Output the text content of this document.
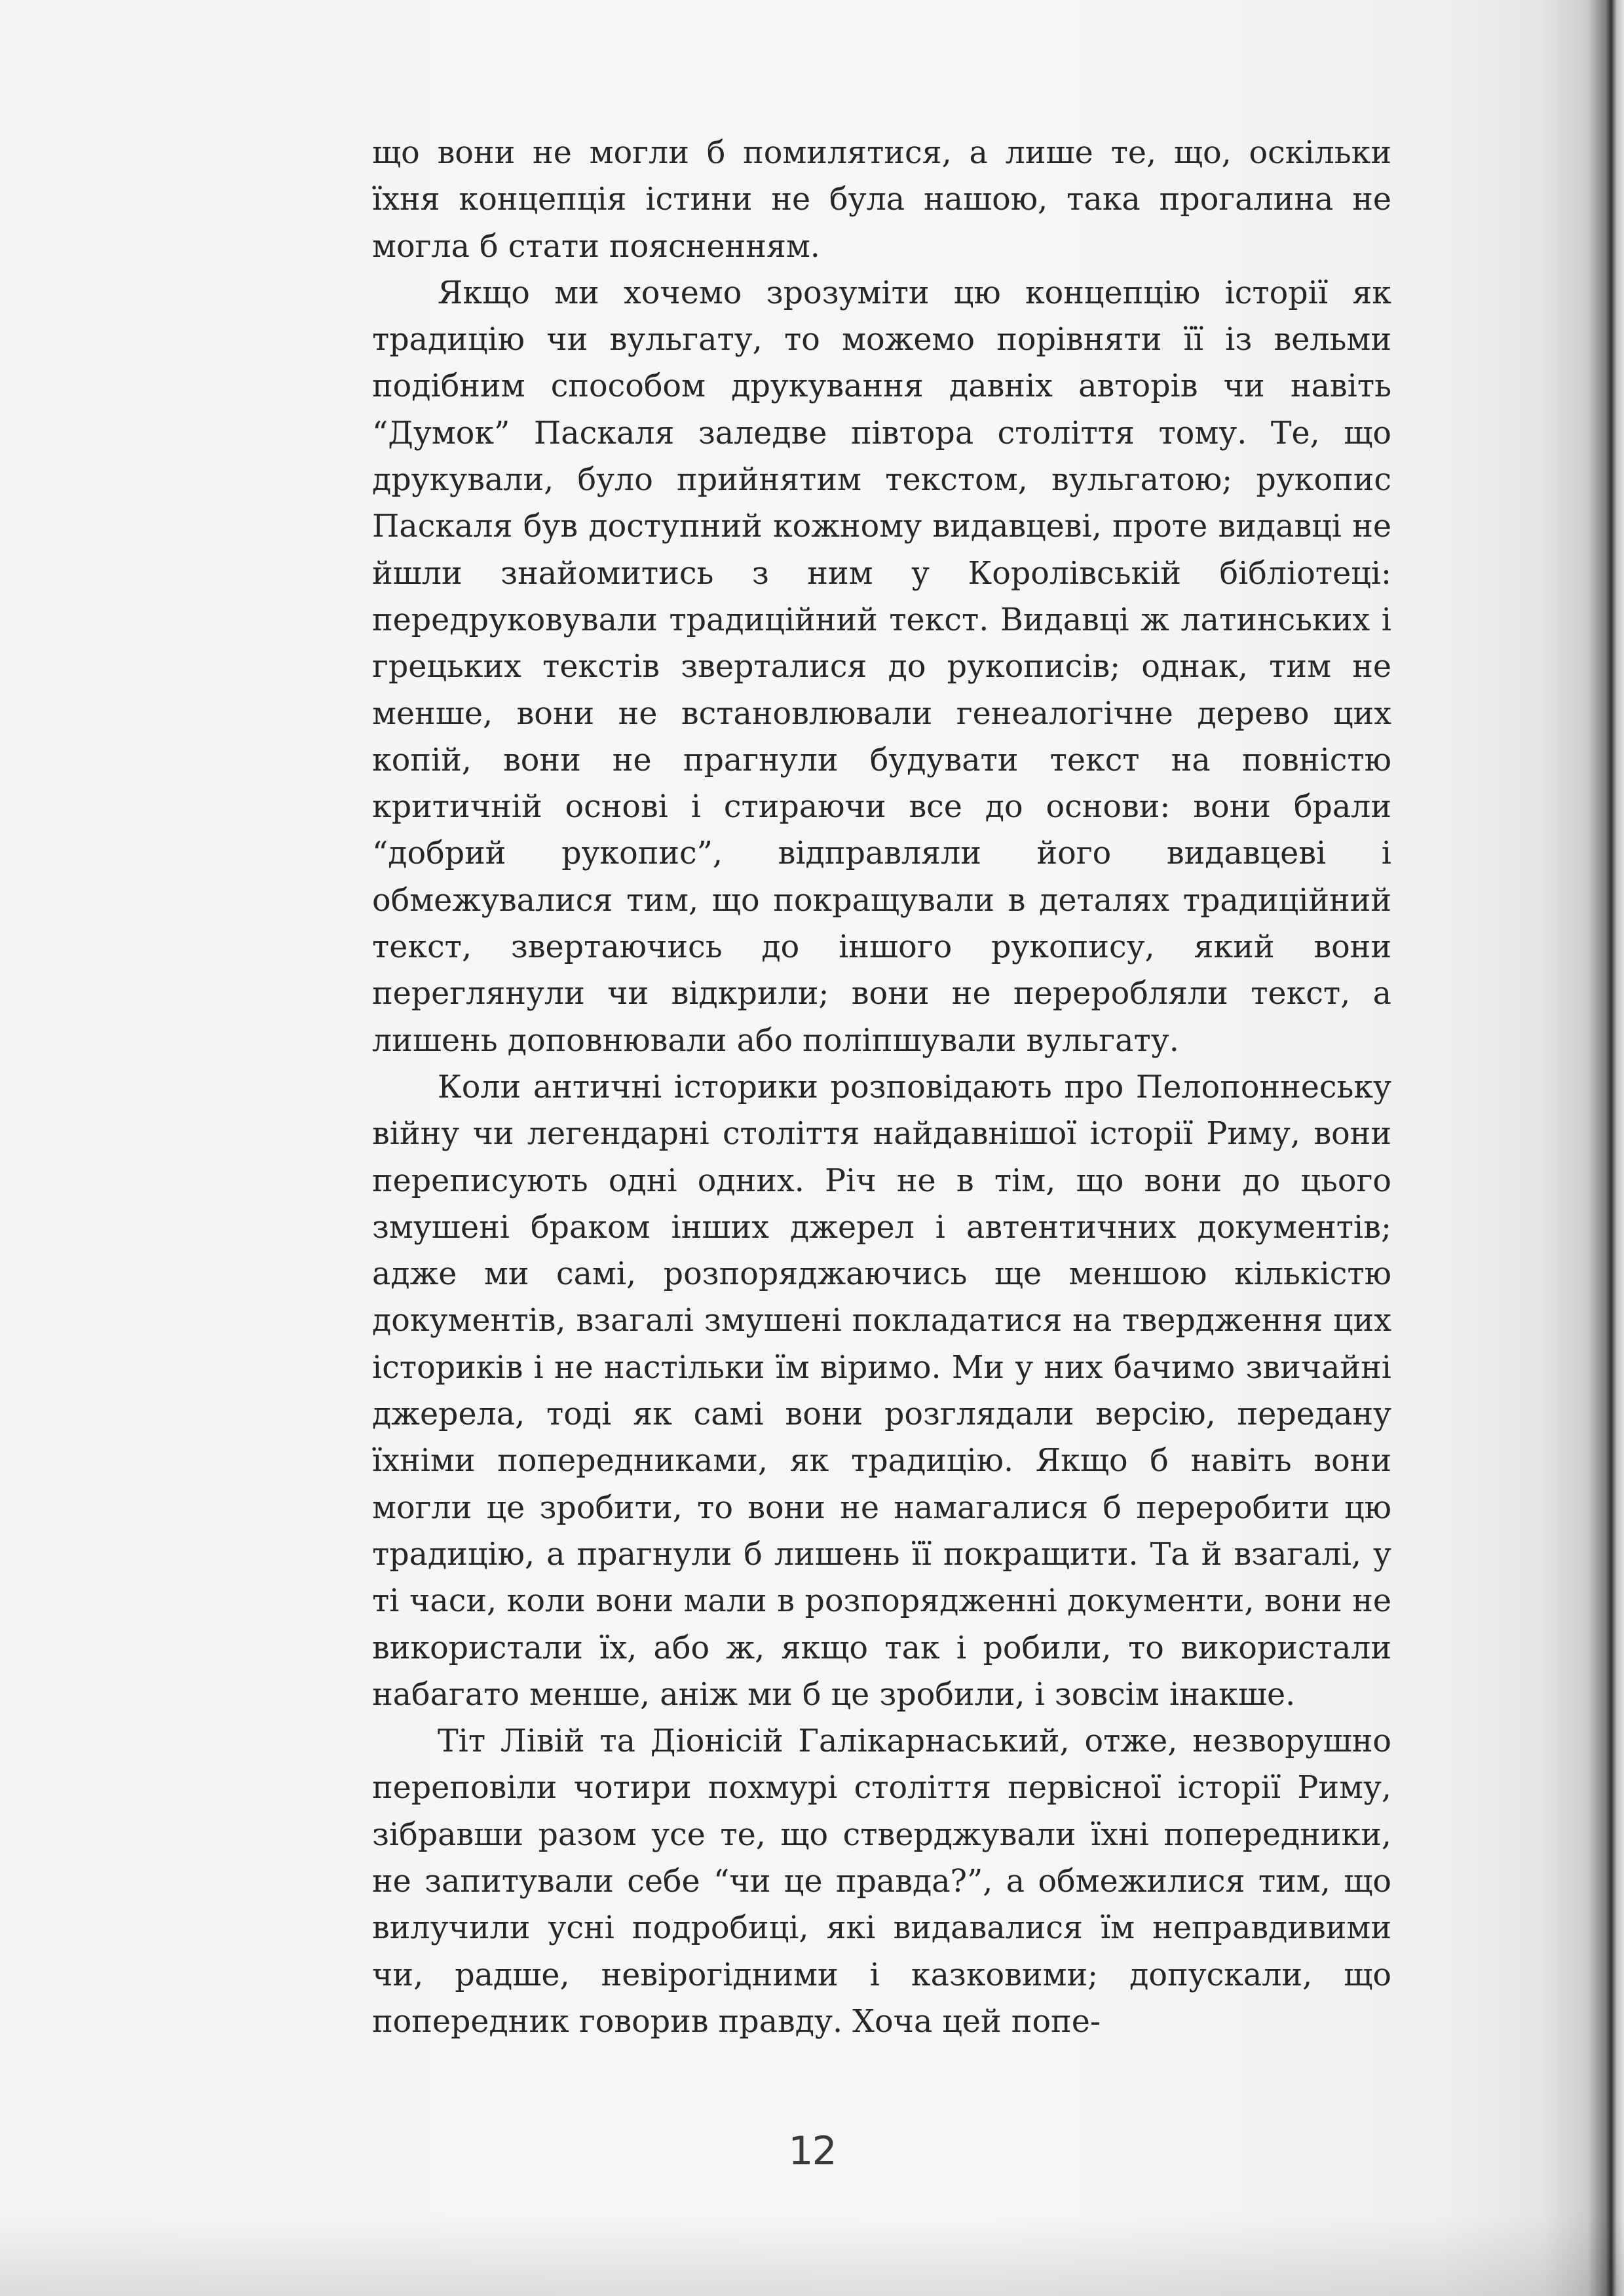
що вони не могли б помилятися, а лише те, що, оскільки їхня концепція істини не була нашою, така прогалина не могла б стати поясненням.

Якщо ми хочемо зрозуміти цю концепцію історії як традицію чи вульгату, то можемо порівняти її із вельми подібним способом друкування давніх авторів чи навіть “Думок” Паскаля заледве півтора століття тому. Те, що друкували, було прийнятим текстом, вульгатою; рукопис Паскаля був доступний кожному видавцеві, проте видавці не йшли знайомитись з ним у Королівській бібліотеці: передруковували традиційний текст. Видавці ж латинських і грецьких текстів зверталися до рукописів; однак, тим не менше, вони не встановлювали генеалогічне дерево цих копій, вони не прагнули будувати текст на повністю критичній основі і стираючи все до основи: вони брали “добрий рукопис”, відправляли його видавцеві і обмежувалися тим, що покращували в деталях традиційний текст, звертаючись до іншого рукопису, який вони переглянули чи відкрили; вони не переробляли текст, а лишень доповнювали або поліпшували вульгату.

Коли античні історики розповідають про Пелопоннеську війну чи легендарні століття найдавнішої історії Риму, вони переписують одні одних. Річ не в тім, що вони до цього змушені браком інших джерел і автентичних документів; адже ми самі, розпоряджаючись ще меншою кількістю документів, взагалі змушені покладатися на твердження цих істориків і не настільки їм віримо. Ми у них бачимо звичайні джерела, тоді як самі вони розглядали версію, передану їхніми попередниками, як традицію. Якщо б навіть вони могли це зробити, то вони не намагалися б переробити цю традицію, а прагнули б лишень її покращити. Та й взагалі, у ті часи, коли вони мали в розпорядженні документи, вони не використали їх, або ж, якщо так і робили, то використали набагато менше, аніж ми б це зробили, і зовсім інакше.

Тіт Лівій та Діонісій Галікарнаський, отже, незворушно переповіли чотири похмурі століття первісної історії Риму, зібравши разом усе те, що стверджували їхні попередники, не запитували себе “чи це правда?”, а обмежилися тим, що вилучили усні подробиці, які видавалися їм неправдивими чи, радше, невірогідними і казковими; допускали, що попередник говорив правду. Хоча цей попе-

12
